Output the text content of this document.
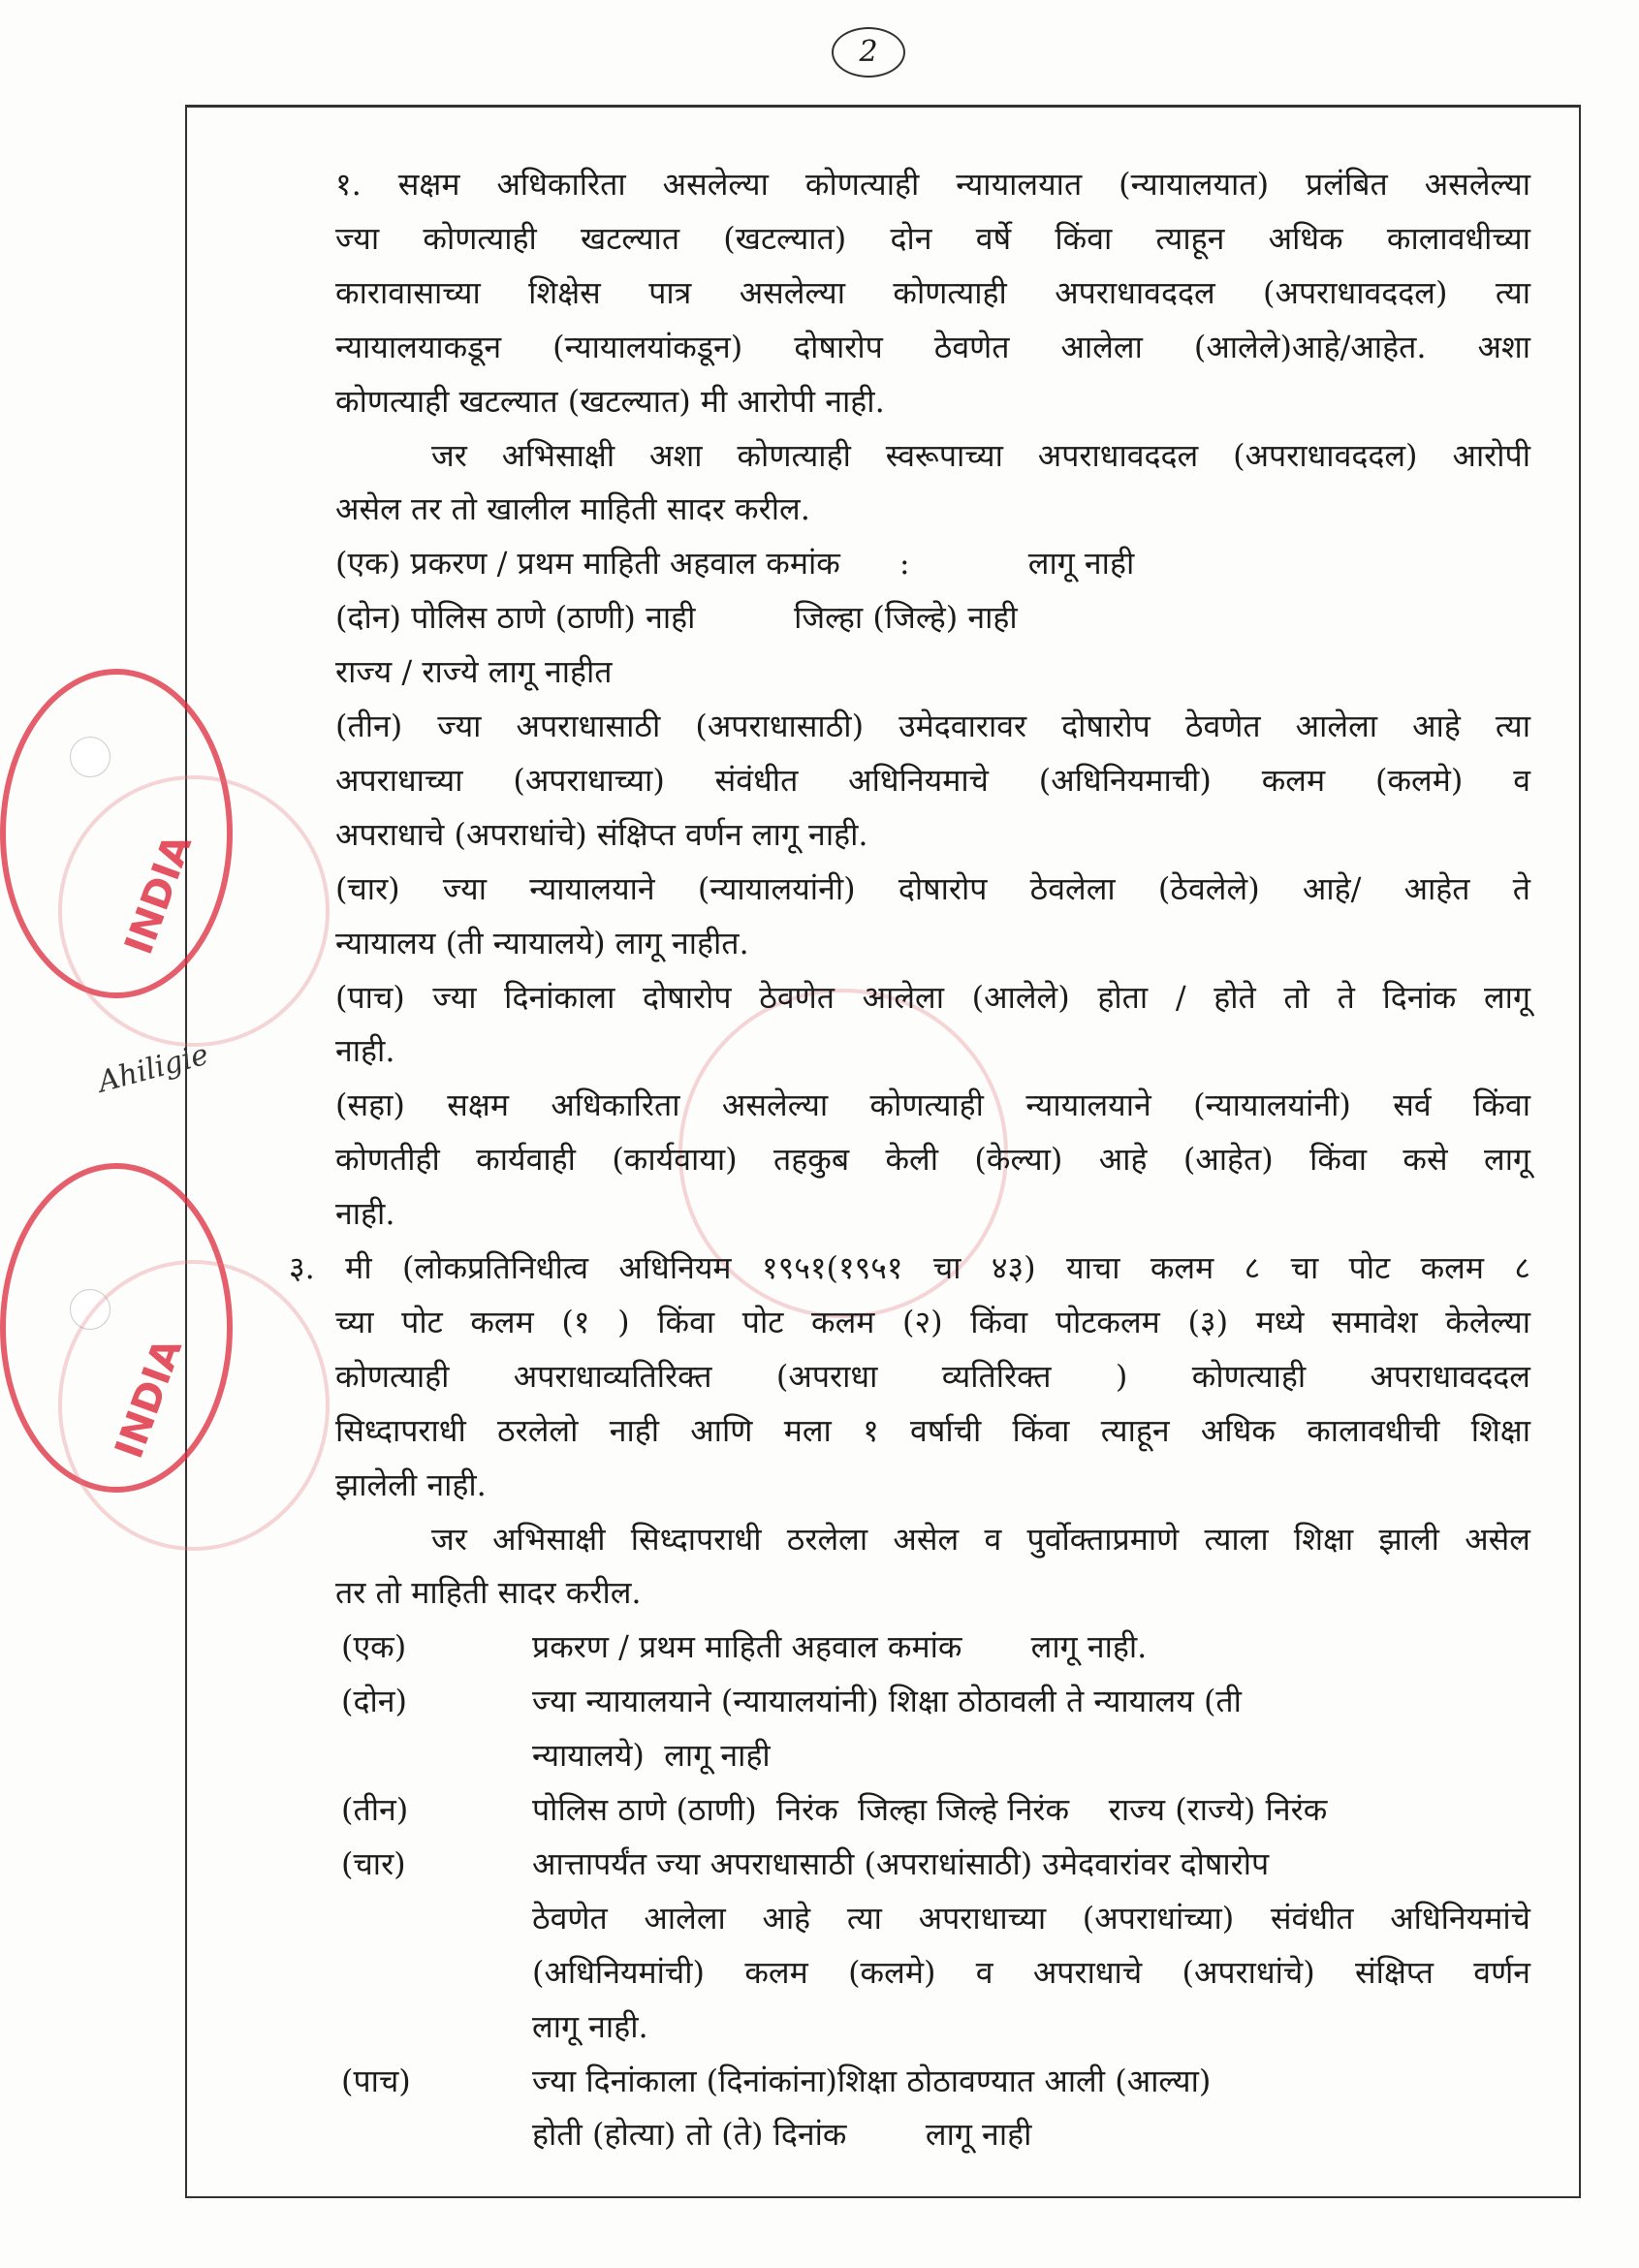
2
INDIA
INDIA
Ahiligie
१. सक्षम अधिकारिता असलेल्या कोणत्याही न्यायालयात (न्यायालयात) प्रलंबित असलेल्या
ज्या कोणत्याही खटल्यात (खटल्यात) दोन वर्षे किंवा त्याहून अधिक कालावधीच्या
कारावासाच्या शिक्षेस पात्र असलेल्या कोणत्याही अपराधावददल (अपराधावददल) त्या
न्यायालयाकडून (न्यायालयांकडून) दोषारोप ठेवणेत आलेला (आलेले)आहे/आहेत. अशा
कोणत्याही खटल्यात (खटल्यात) मी आरोपी नाही.
जर अभिसाक्षी अशा कोणत्याही स्वरूपाच्या अपराधावददल (अपराधावददल) आरोपी
असेल तर तो खालील माहिती सादर करील.
(एक) प्रकरण / प्रथम माहिती अहवाल कमांक      :            लागू नाही
(दोन) पोलिस ठाणे (ठाणी) नाही          जिल्हा (जिल्हे) नाही
राज्य / राज्ये लागू नाहीत
(तीन) ज्या अपराधासाठी (अपराधासाठी) उमेदवारावर दोषारोप ठेवणेत आलेला आहे त्या
अपराधाच्या (अपराधाच्या) संवंधीत अधिनियमाचे (अधिनियमाची) कलम (कलमे) व
अपराधाचे (अपराधांचे) संक्षिप्त वर्णन लागू नाही.
(चार) ज्या न्यायालयाने (न्यायालयांनी) दोषारोप ठेवलेला (ठेवलेले) आहे/ आहेत ते
न्यायालय (ती न्यायालये) लागू नाहीत.
(पाच) ज्या दिनांकाला दोषारोप ठेवणेत आलेला (आलेले) होता / होते तो ते दिनांक लागू
नाही.
(सहा) सक्षम अधिकारिता असलेल्या कोणत्याही न्यायालयाने (न्यायालयांनी) सर्व किंवा
कोणतीही कार्यवाही (कार्यवाया) तहकुब केली (केल्या) आहे (आहेत) किंवा कसे लागू
नाही.
३. मी (लोकप्रतिनिधीत्व अधिनियम १९५१(१९५१ चा ४३) याचा कलम ८ चा पोट कलम ८
च्या पोट कलम (१ ) किंवा पोट कलम (२) किंवा पोटकलम (३) मध्ये समावेश केलेल्या
कोणत्याही अपराधाव्यतिरिक्त (अपराधा व्यतिरिक्त ) कोणत्याही अपराधावददल
सिध्दापराधी ठरलेलो नाही आणि मला १ वर्षाची किंवा त्याहून अधिक कालावधीची शिक्षा
झालेली नाही.
जर अभिसाक्षी सिध्दापराधी ठरलेला असेल व पुर्वोक्ताप्रमाणे त्याला शिक्षा झाली असेल
तर तो माहिती सादर करील.
(एक)	प्रकरण / प्रथम माहिती अहवाल कमांक       लागू नाही.
(दोन)	ज्या न्यायालयाने (न्यायालयांनी) शिक्षा ठोठावली ते न्यायालय (ती
न्यायालये)  लागू नाही
(तीन)	पोलिस ठाणे (ठाणी)  निरंक  जिल्हा जिल्हे निरंक    राज्य (राज्ये) निरंक
(चार)	आत्तापर्यंत ज्या अपराधासाठी (अपराधांसाठी) उमेदवारांवर दोषारोप
ठेवणेत आलेला आहे त्या अपराधाच्या (अपराधांच्या) संवंधीत अधिनियमांचे
(अधिनियमांची) कलम (कलमे) व अपराधाचे (अपराधांचे) संक्षिप्त वर्णन
लागू नाही.
(पाच)	ज्या दिनांकाला (दिनांकांना)शिक्षा ठोठावण्यात आली (आल्या)
होती (होत्या) तो (ते) दिनांक        लागू नाही
